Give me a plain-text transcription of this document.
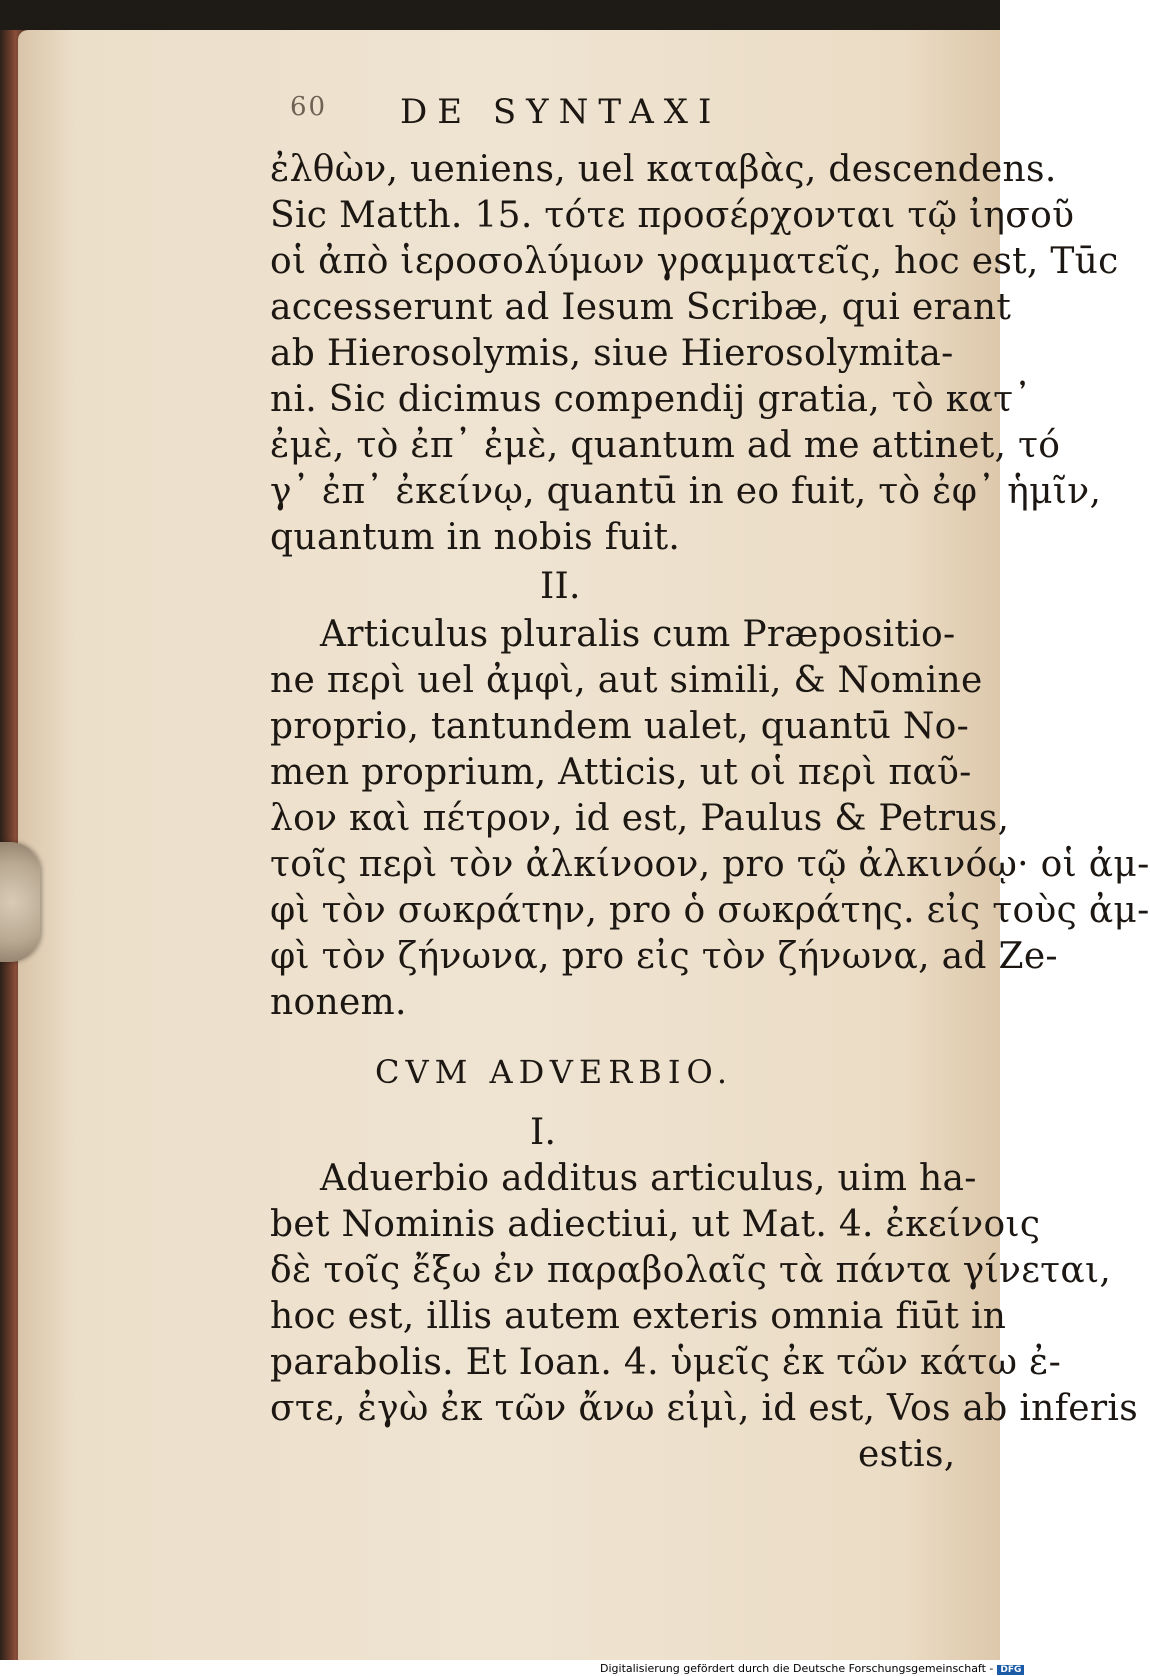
60 DE SYNTAXI
ἐλθὼν, ueniens, uel καταβὰς, descendens.
Sic Matth. 15. τότε προσέρχονται τῷ ἰησοῦ
οἱ ἀπὸ ἱεροσολύμων γραμματεῖς, hoc est, Tūc
accesserunt ad Iesum Scribæ, qui erant
ab Hierosolymis, siue Hierosolymita-
ni. Sic dicimus compendij gratia, τὸ κατ᾽
ἐμὲ, τὸ ἐπ᾽ ἐμὲ, quantum ad me attinet, τό
γ᾽ ἐπ᾽ ἐκείνῳ, quantū in eo fuit, τὸ ἐφ᾽ ἡμῖν,
quantum in nobis fuit.
II.
Articulus pluralis cum Præpositio-
ne περὶ uel ἀμφὶ, aut simili, & Nomine
proprio, tantundem ualet, quantū No-
men proprium, Atticis, ut οἱ περὶ παῦ-
λον καὶ πέτρον, id est, Paulus & Petrus,
τοῖς περὶ τὸν ἀλκίνοον, pro τῷ ἀλκινόῳ· οἱ ἀμ-
φὶ τὸν σωκράτην, pro ὁ σωκράτης. εἰς τοὺς ἀμ-
φὶ τὸν ζήνωνα, pro εἰς τὸν ζήνωνα, ad Ze-
nonem.
I.
Aduerbio additus articulus, uim ha-
bet Nominis adiectiui, ut Mat. 4. ἐκείνοις
δὲ τοῖς ἔξω ἐν παραβολαῖς τὰ πάντα γίνεται,
hoc est, illis autem exteris omnia fiūt in
parabolis. Et Ioan. 4. ὑμεῖς ἐκ τῶν κάτω ἐ-
στε, ἐγὼ ἐκ τῶν ἄνω εἰμὶ, id est, Vos ab inferis
estis,
CVM ADVERBIO.
Digitalisierung gefördert durch die Deutsche Forschungsgemeinschaft - DFG
